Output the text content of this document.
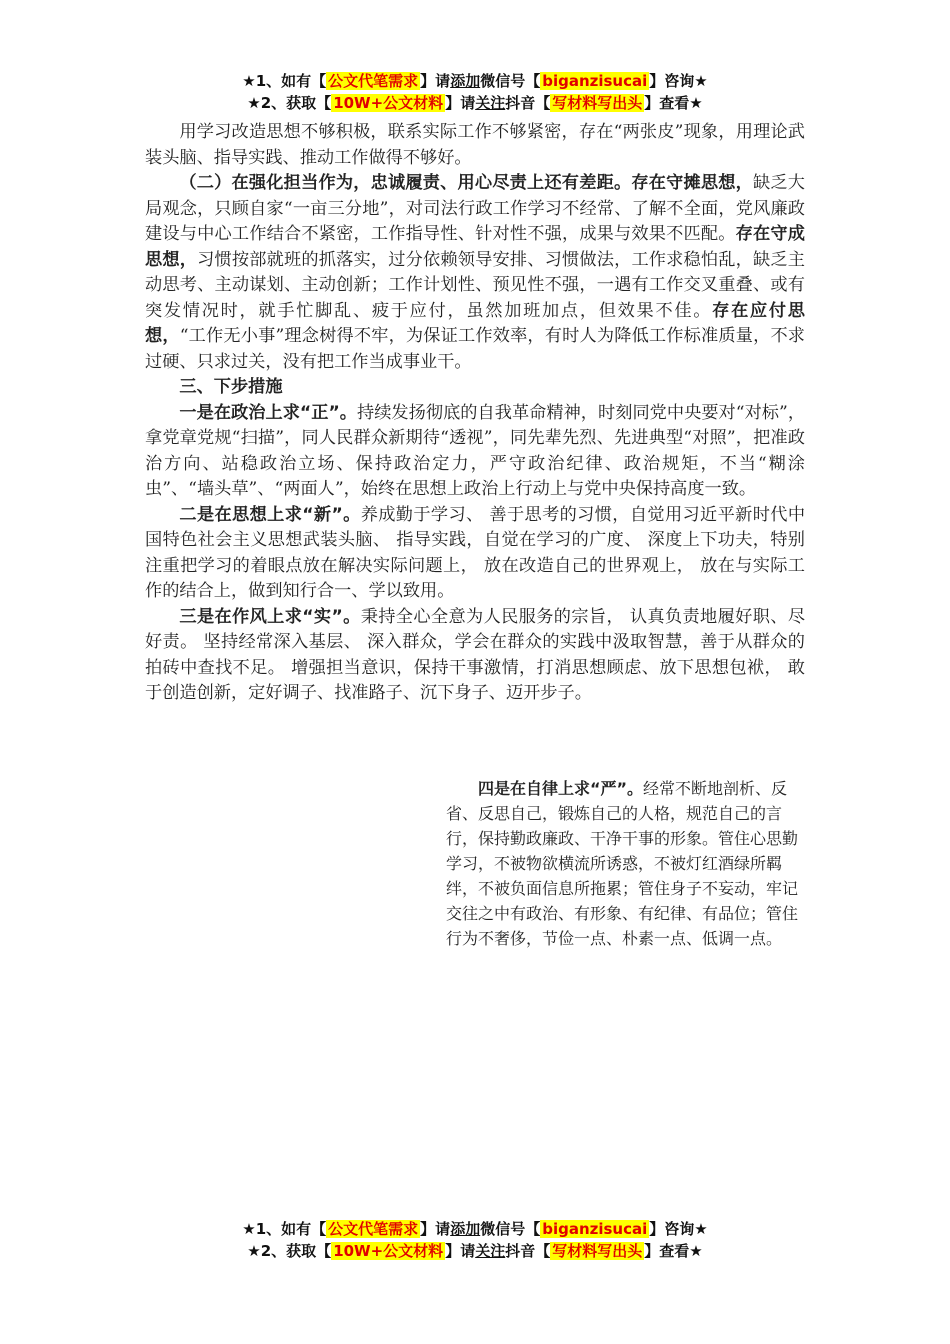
★1、如有【 公文代笔需求 】请添加微信号【 biganzisucai 】咨询★
★2、获取【 10W+公文材料 】请关注抖音【 写材料写出头 】查看★

用学习改造思想不够积极，联系实际工作不够紧密，存在“两张皮”现象，用理论武装头脑、指导实践、推动工作做得不够好。

（二）在强化担当作为，忠诚履责、用心尽责上还有差距。存在守摊思想，缺乏大局观念，只顾自家“一亩三分地”，对司法行政工作学习不经常、了解不全面，党风廉政建设与中心工作结合不紧密，工作指导性、针对性不强，成果与效果不匹配。存在守成思想，习惯按部就班的抓落实，过分依赖领导安排、习惯做法，工作求稳怕乱，缺乏主动思考、主动谋划、主动创新；工作计划性、预见性不强，一遇有工作交叉重叠、或有突发情况时，就手忙脚乱、疲于应付，虽然加班加点，但效果不佳。存在应付思想，“工作无小事”理念树得不牢，为保证工作效率，有时人为降低工作标准质量，不求过硬、只求过关，没有把工作当成事业干。

三、下步措施

一是在政治上求“正”。持续发扬彻底的自我革命精神，时刻同党中央要对“对标”，拿党章党规“扫描”，同人民群众新期待“透视”，同先辈先烈、先进典型“对照”，把准政治方向、站稳政治立场、保持政治定力，严守政治纪律、政治规矩，不当“糊涂虫”、“墙头草”、“两面人”，始终在思想上政治上行动上与党中央保持高度一致。

二是在思想上求“新”。养成勤于学习、 善于思考的习惯，自觉用习近平新时代中国特色社会主义思想武装头脑、 指导实践，自觉在学习的广度、 深度上下功夫，特别注重把学习的着眼点放在解决实际问题上， 放在改造自己的世界观上， 放在与实际工作的结合上，做到知行合一、学以致用。

三是在作风上求“实”。秉持全心全意为人民服务的宗旨， 认真负责地履好职、尽好责。 坚持经常深入基层、 深入群众，学会在群众的实践中汲取智慧，善于从群众的拍砖中查找不足。 增强担当意识，保持干事激情，打消思想顾虑、放下思想包袱， 敢于创造创新，定好调子、找准路子、沉下身子、迈开步子。

四是在自律上求“严”。经常不断地剖析、反省、反思自己，锻炼自己的人格，规范自己的言行，保持勤政廉政、干净干事的形象。管住心思勤学习，不被物欲横流所诱惑，不被灯红酒绿所羁绊，不被负面信息所拖累；管住身子不妄动，牢记交往之中有政治、有形象、有纪律、有品位；管住行为不奢侈，节俭一点、朴素一点、低调一点。

★1、如有【 公文代笔需求 】请添加微信号【 biganzisucai 】咨询★
★2、获取【 10W+公文材料 】请关注抖音【 写材料写出头 】查看★
